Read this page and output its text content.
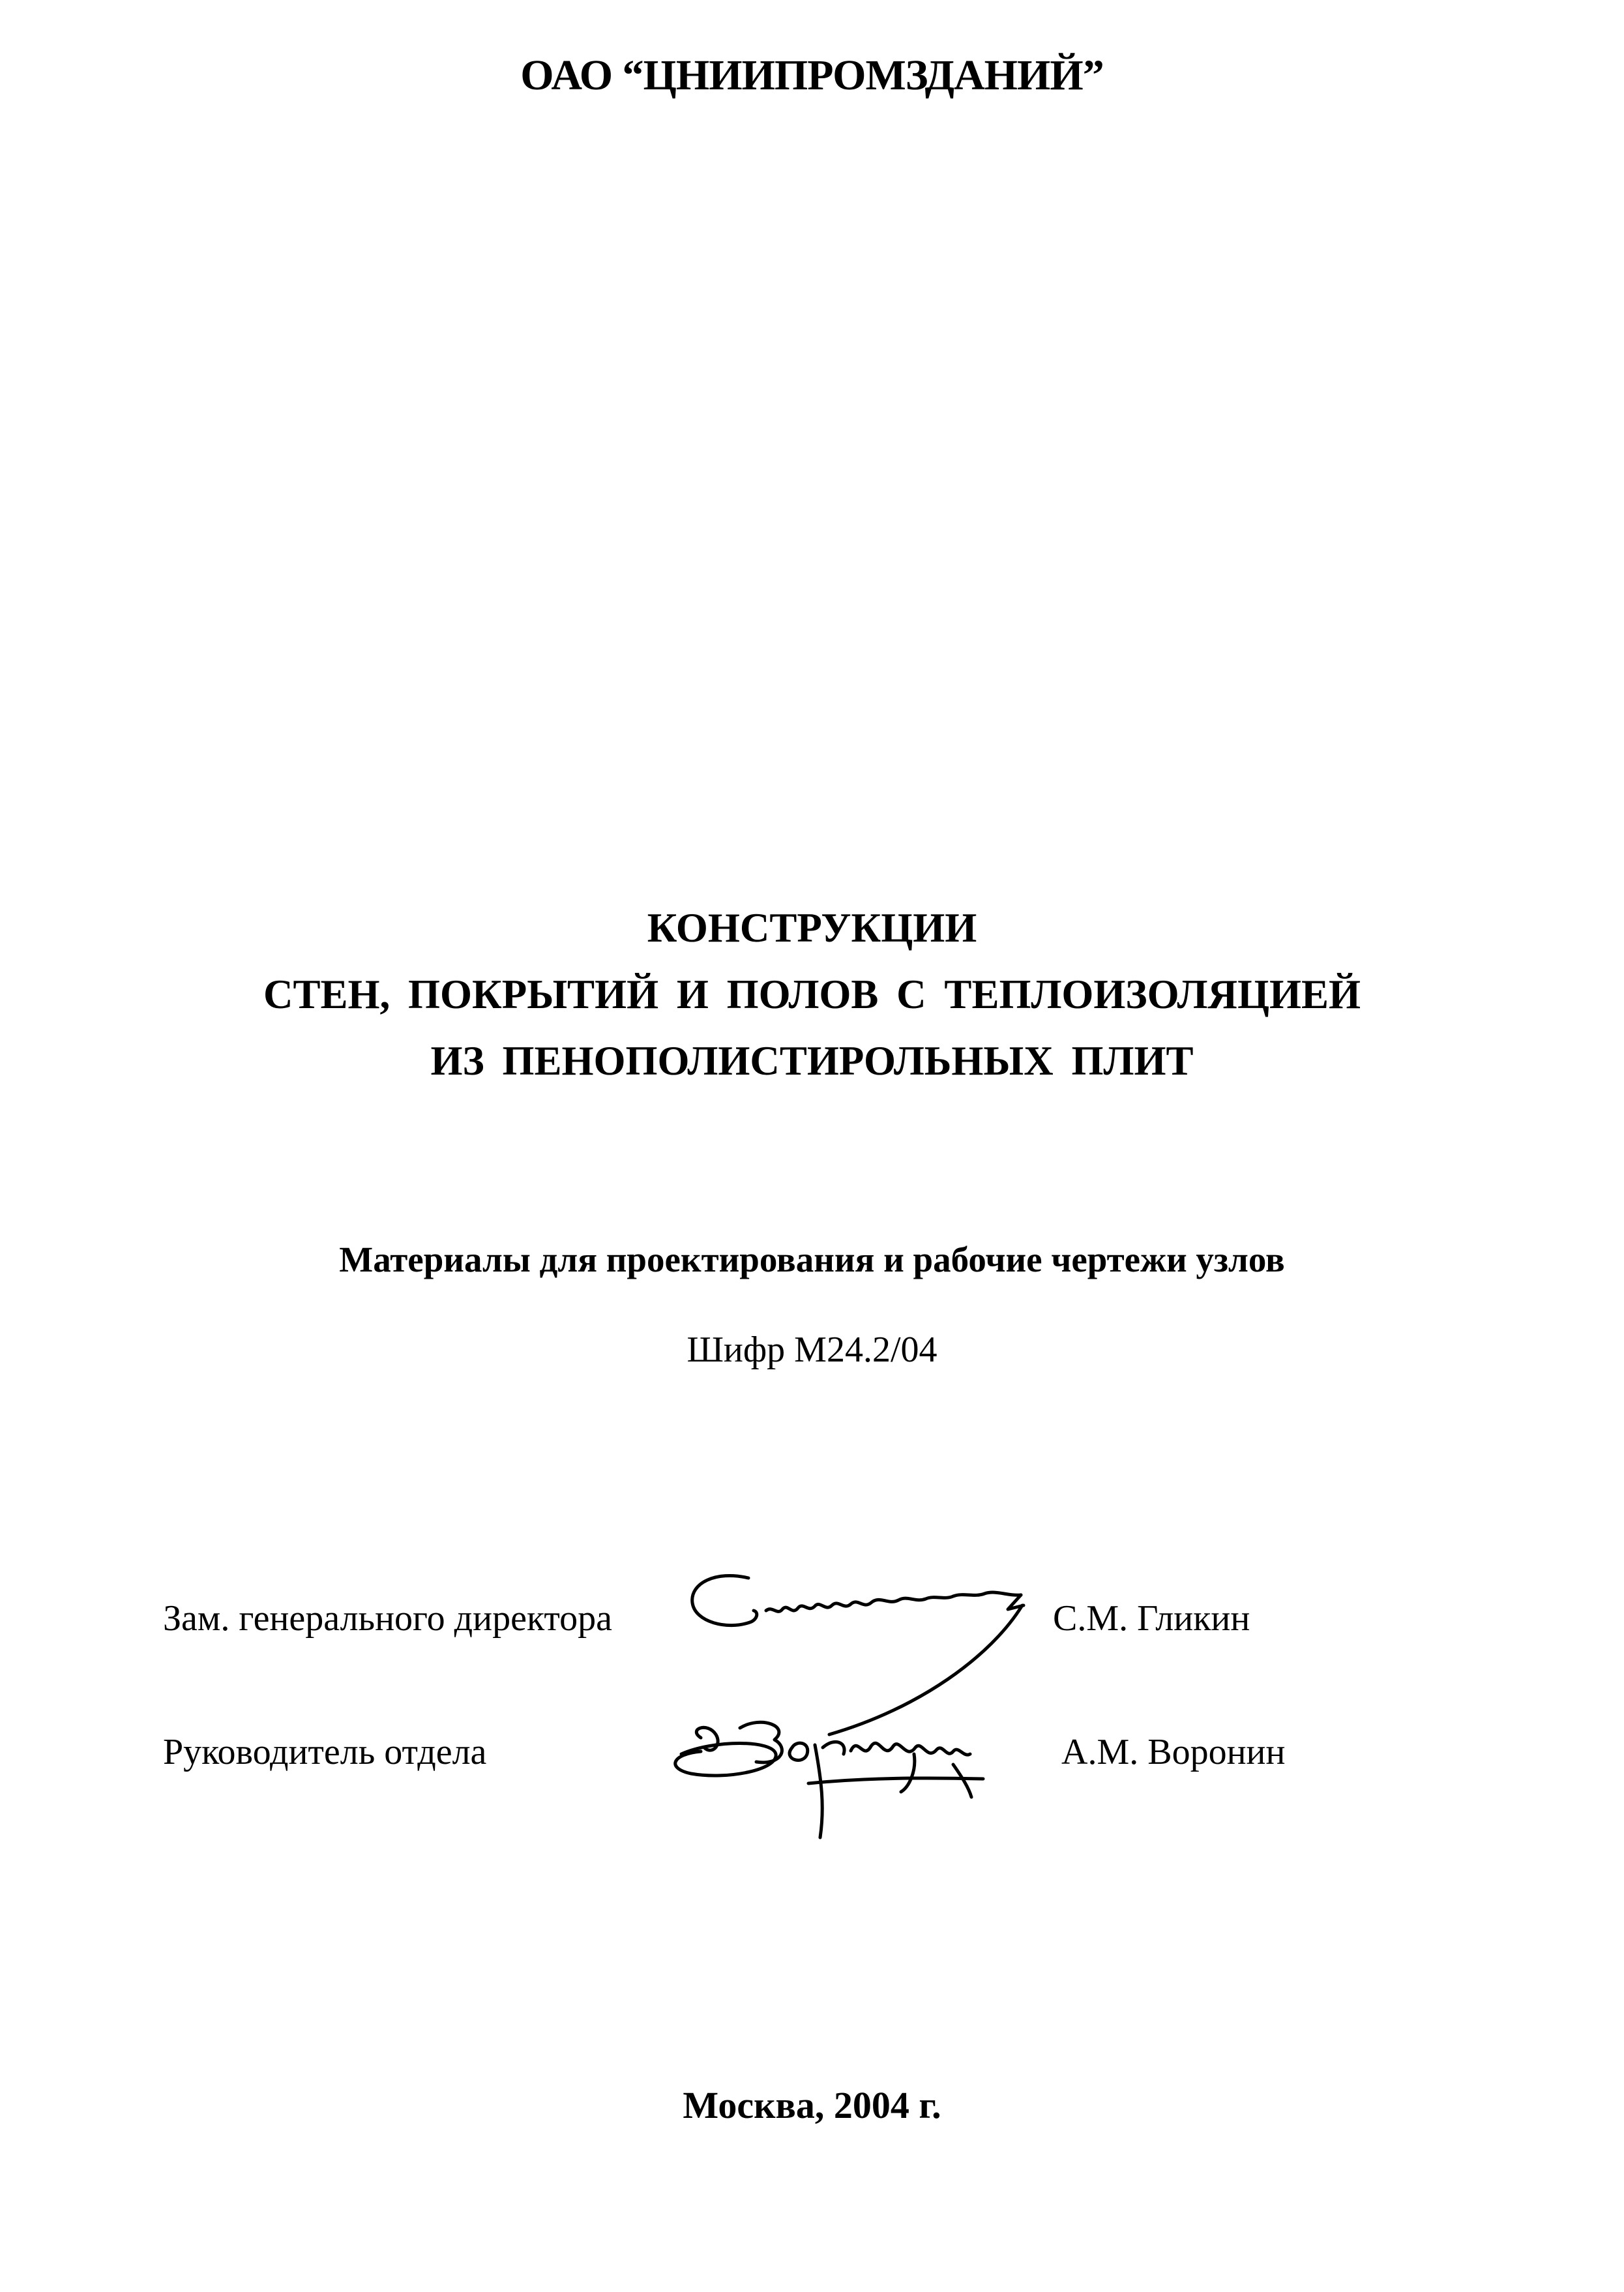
ОАО “ЦНИИПРОМЗДАНИЙ”
КОНСТРУКЦИИ
СТЕН, ПОКРЫТИЙ И ПОЛОВ С ТЕПЛОИЗОЛЯЦИЕЙ
ИЗ ПЕНОПОЛИСТИРОЛЬНЫХ ПЛИТ
Материалы для проектирования и рабочие чертежи узлов
Шифр М24.2/04
Зам. генерального директора	С.М. Гликин
Руководитель отдела	А.М. Воронин
Москва, 2004 г.
